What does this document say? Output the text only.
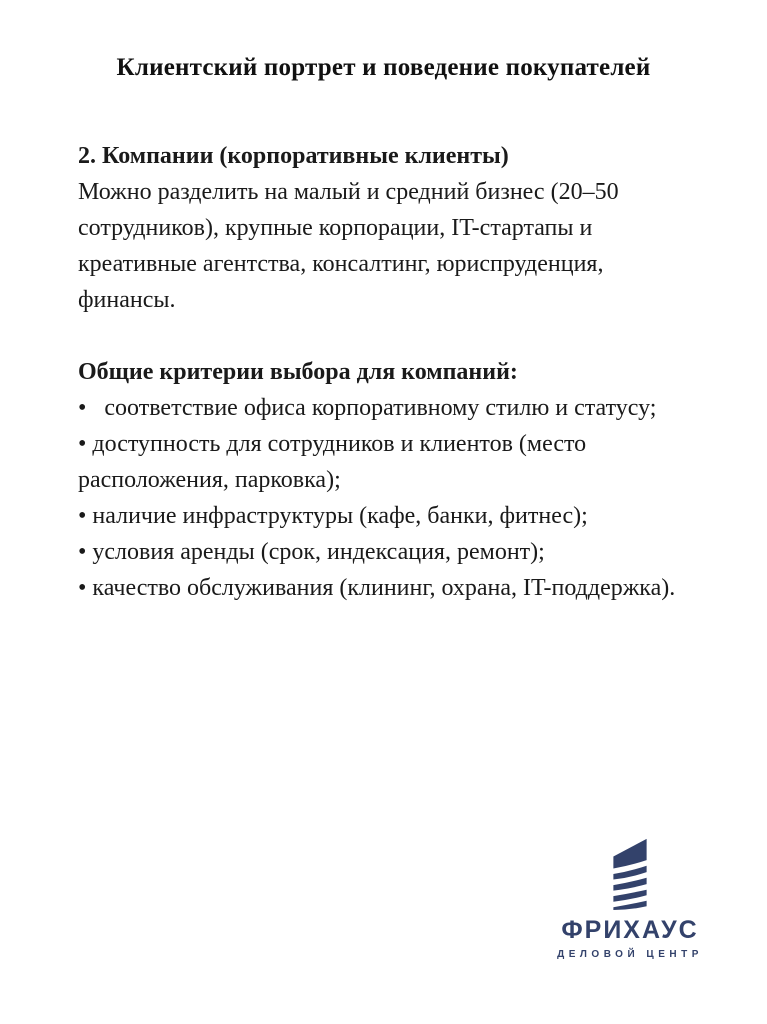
Клиентский портрет и поведение покупателей

2. Компании (корпоративные клиенты)
Можно разделить на малый и средний бизнес (20–50 сотрудников), крупные корпорации, IT-стартапы и креативные агентства, консалтинг, юриспруденция, финансы.

Общие критерии выбора для компаний:

•   соответствие офиса корпоративному стилю и статусу;

• доступность для сотрудников и клиентов (место расположения, парковка);

• наличие инфраструктуры (кафе, банки, фитнес);

• условия аренды (срок, индексация, ремонт);

• качество обслуживания (клининг, охрана, IT-поддержка).

ФРИХАУС
ДЕЛОВОЙ ЦЕНТР
